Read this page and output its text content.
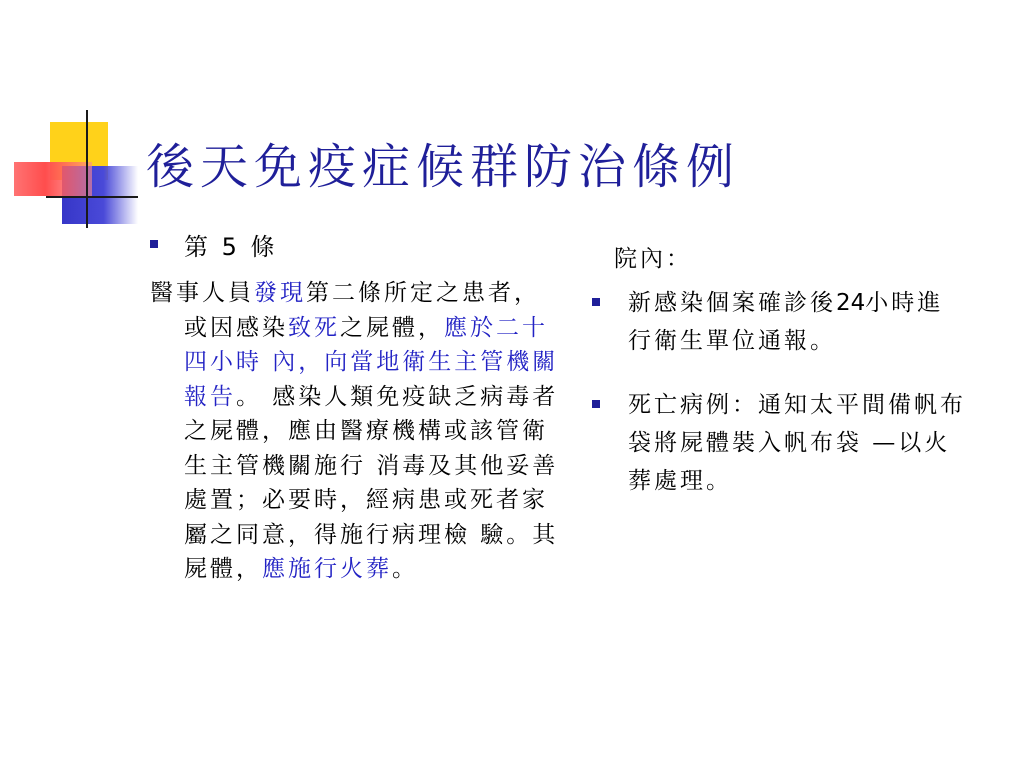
後天免疫症候群防治條例
第 5 條
醫事人員發現第二條所定之患者，或因感染致死之屍體，應於二十四小時 內，向當地衛生主管機關報告。 感染人類免疫缺乏病毒者之屍體，應由醫療機構或該管衛生主管機關施行 消毒及其他妥善處置；必要時，經病患或死者家屬之同意，得施行病理檢 驗。其屍體，應施行火葬。
院內：
新感染個案確診後24小時進行衛生單位通報。
死亡病例：通知太平間備帆布袋將屍體裝入帆布袋 —以火葬處理。
